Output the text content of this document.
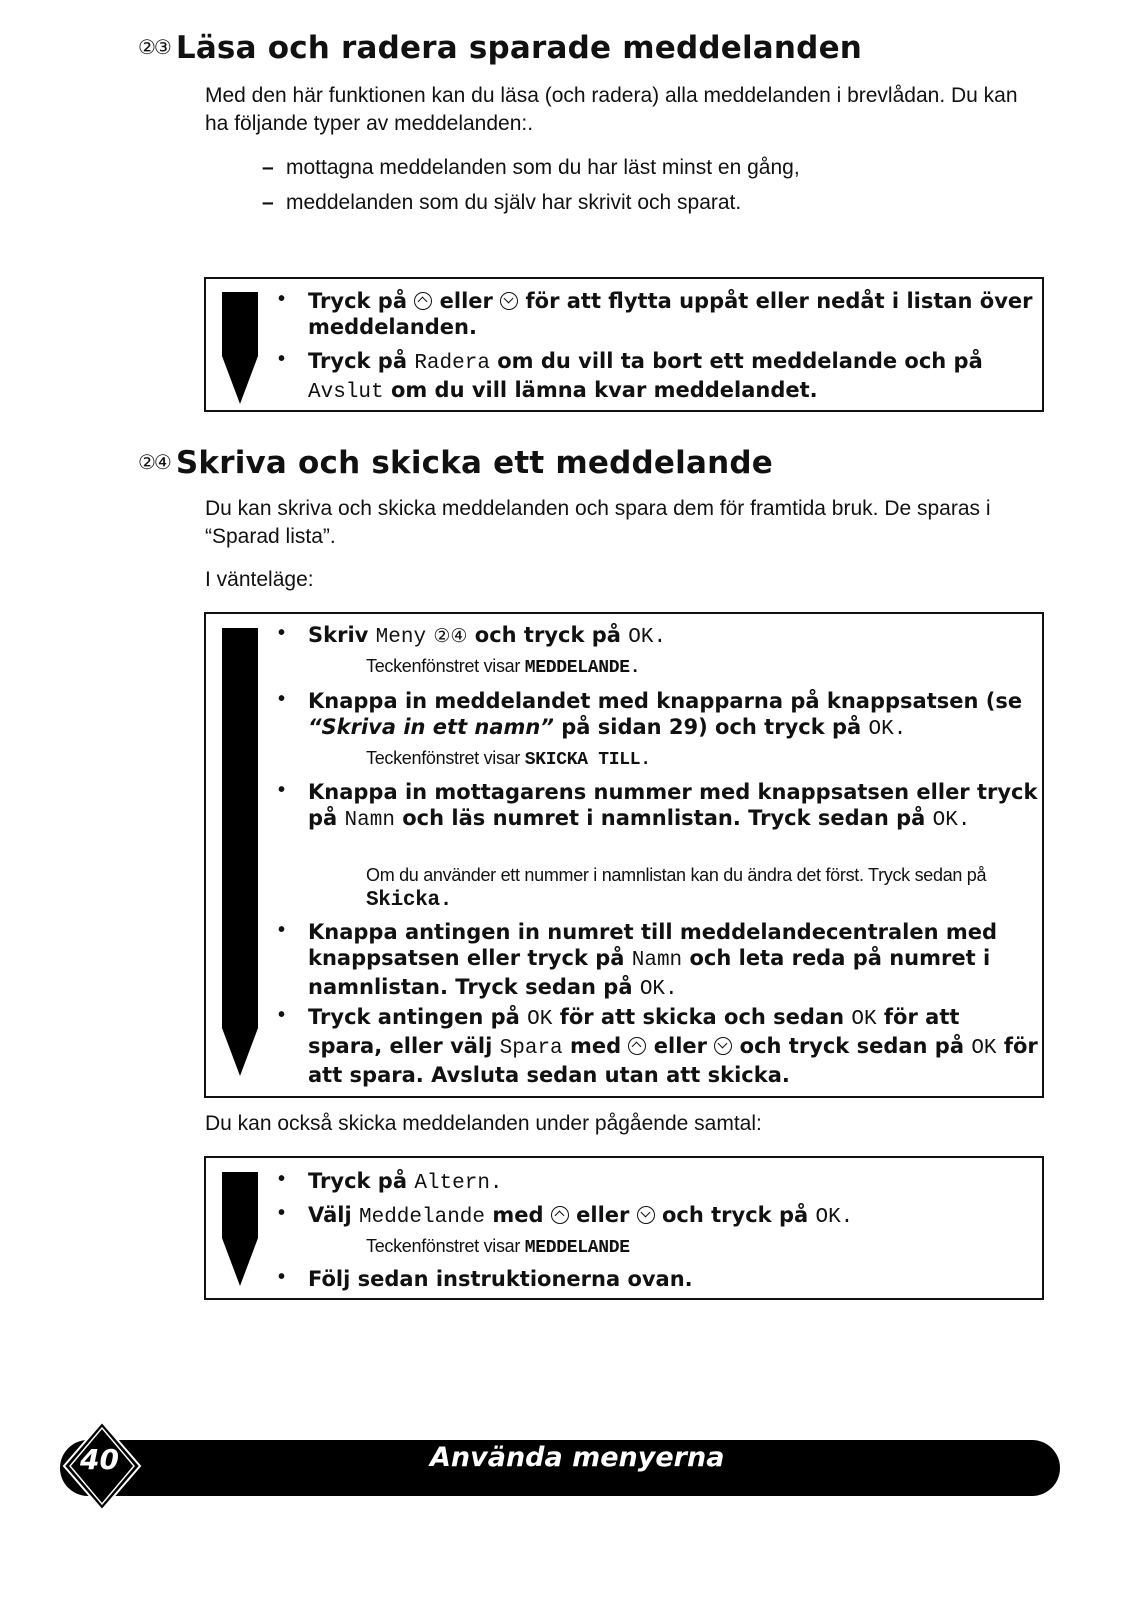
②③ Läsa och radera sparade meddelanden
Med den här funktionen kan du läsa (och radera) alla meddelanden i brevlådan. Du kan ha följande typer av meddelanden:.
– mottagna meddelanden som du har läst minst en gång,
– meddelanden som du själv har skrivit och sparat.
• Tryck på eller för att flytta uppåt eller nedåt i listan över meddelanden.
• Tryck på Radera om du vill ta bort ett meddelande och på Avslut om du vill lämna kvar meddelandet.
②④ Skriva och skicka ett meddelande
Du kan skriva och skicka meddelanden och spara dem för framtida bruk. De sparas i “Sparad lista”.
I vänteläge:
• Skriv Meny ②④ och tryck på OK.
Teckenfönstret visar MEDDELANDE.
• Knappa in meddelandet med knapparna på knappsatsen (se “Skriva in ett namn” på sidan 29) och tryck på OK.
Teckenfönstret visar SKICKA TILL.
• Knappa in mottagarens nummer med knappsatsen eller tryck på Namn och läs numret i namnlistan. Tryck sedan på OK.
Om du använder ett nummer i namnlistan kan du ändra det först. Tryck sedan på Skicka.
• Knappa antingen in numret till meddelandecentralen med knappsatsen eller tryck på Namn och leta reda på numret i namnlistan. Tryck sedan på OK.
• Tryck antingen på OK för att skicka och sedan OK för att spara, eller välj Spara med eller och tryck sedan på OK för att spara. Avsluta sedan utan att skicka.
Du kan också skicka meddelanden under pågående samtal:
• Tryck på Altern.
• Välj Meddelande med eller och tryck på OK.
Teckenfönstret visar MEDDELANDE
• Följ sedan instruktionerna ovan.
40	Använda menyerna
